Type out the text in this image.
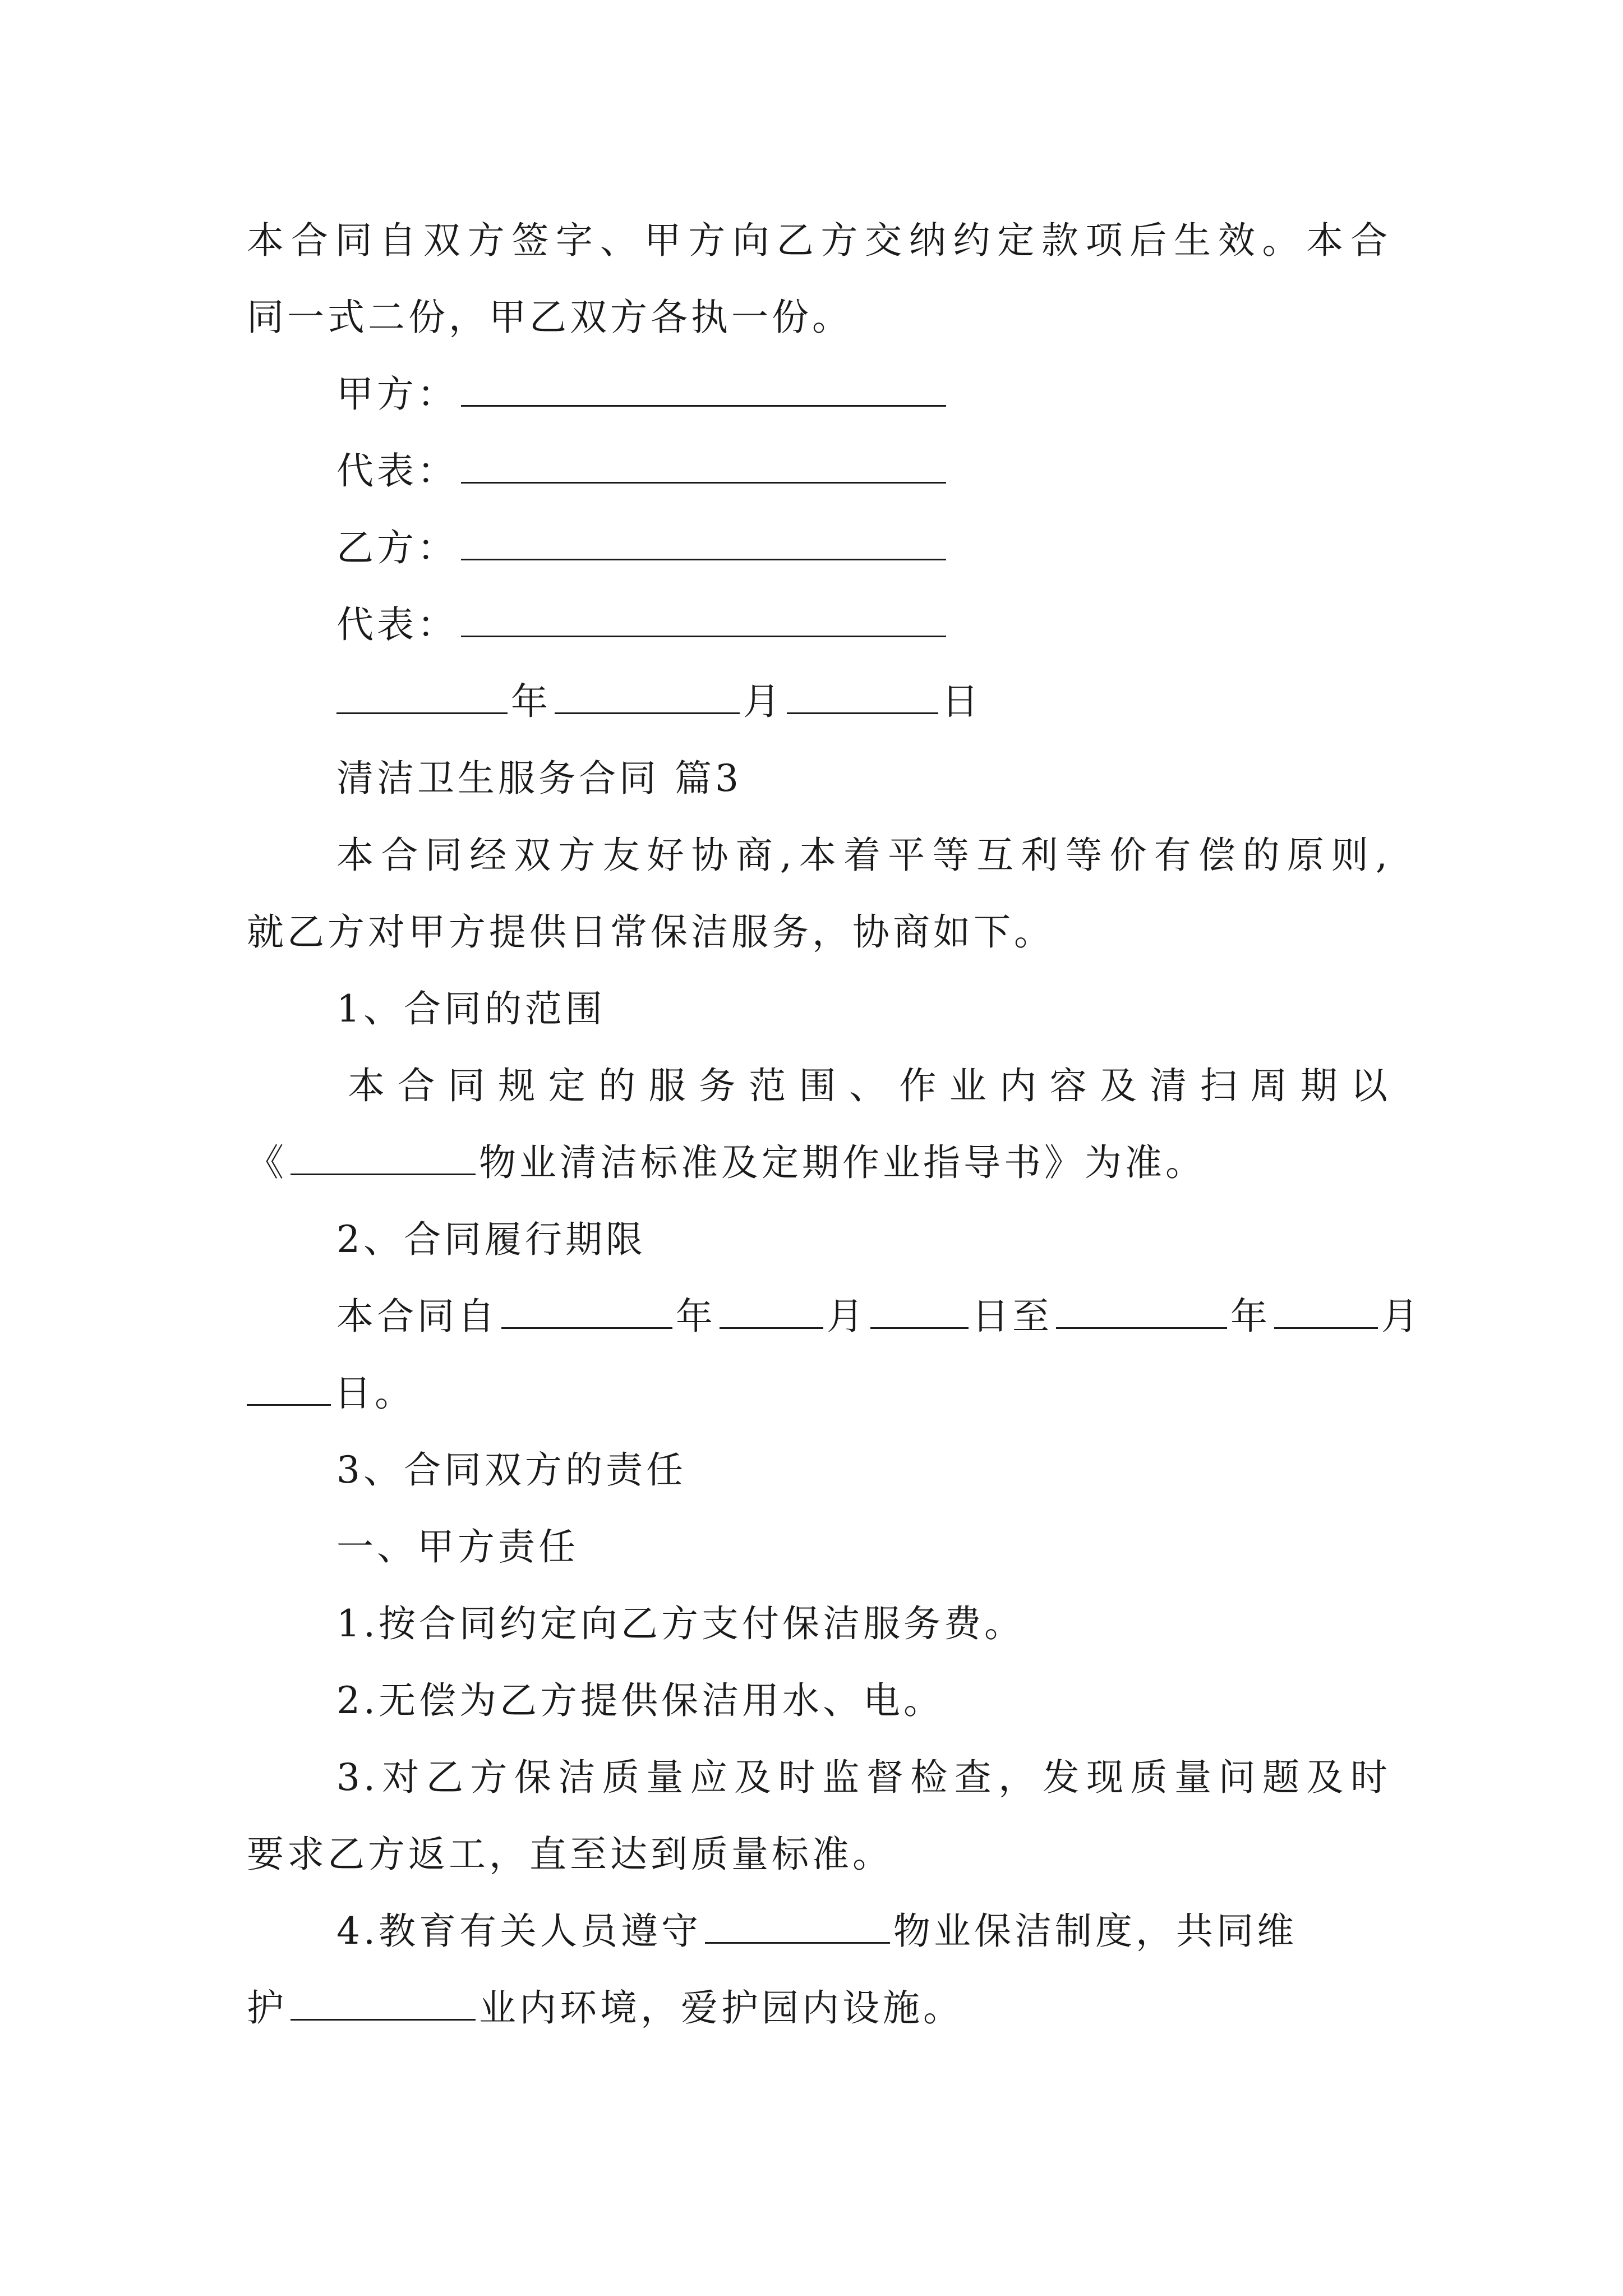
本合同自双方签字、甲方向乙方交纳约定款项后生效。本合
同一式二份，甲乙双方各执一份。
甲方：
代表：
乙方：
代表：
年	月	日
清洁卫生服务合同 篇3
本合同经双方友好协商,本着平等互利等价有偿的原则,
就乙方对甲方提供日常保洁服务，协商如下。
1、合同的范围
本合同规定的服务范围、作业内容及清扫周期以
《	物业清洁标准及定期作业指导书》为准。
2、合同履行期限
本合同自	年	月	日至	年	月
日。
3、合同双方的责任
一、甲方责任
1.按合同约定向乙方支付保洁服务费。
2.无偿为乙方提供保洁用水、电。
3.对乙方保洁质量应及时监督检查，发现质量问题及时
要求乙方返工，直至达到质量标准。
4.教育有关人员遵守	物业保洁制度，共同维
护	业内环境，爱护园内设施。
